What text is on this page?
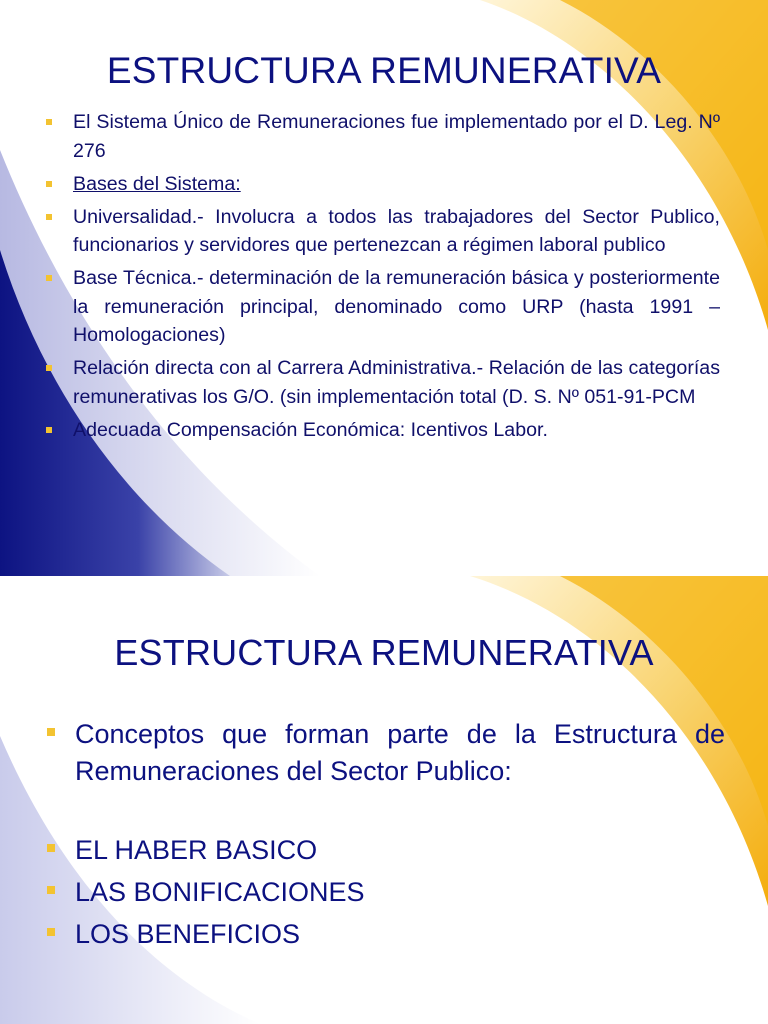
ESTRUCTURA REMUNERATIVA
El Sistema Único de Remuneraciones fue implementado por el D. Leg. Nº 276
Bases del Sistema:
Universalidad.- Involucra a todos las trabajadores del Sector Publico, funcionarios y servidores que pertenezcan a régimen laboral publico
Base Técnica.- determinación de la remuneración básica y posteriormente la remuneración principal, denominado como URP (hasta 1991 – Homologaciones)
Relación directa con al Carrera Administrativa.- Relación de las categorías remunerativas los G/O. (sin implementación total (D. S. Nº 051-91-PCM
Adecuada Compensación Económica: Icentivos Labor.
ESTRUCTURA REMUNERATIVA
Conceptos que forman parte de la Estructura de Remuneraciones del Sector Publico:
EL HABER BASICO
LAS BONIFICACIONES
LOS BENEFICIOS
